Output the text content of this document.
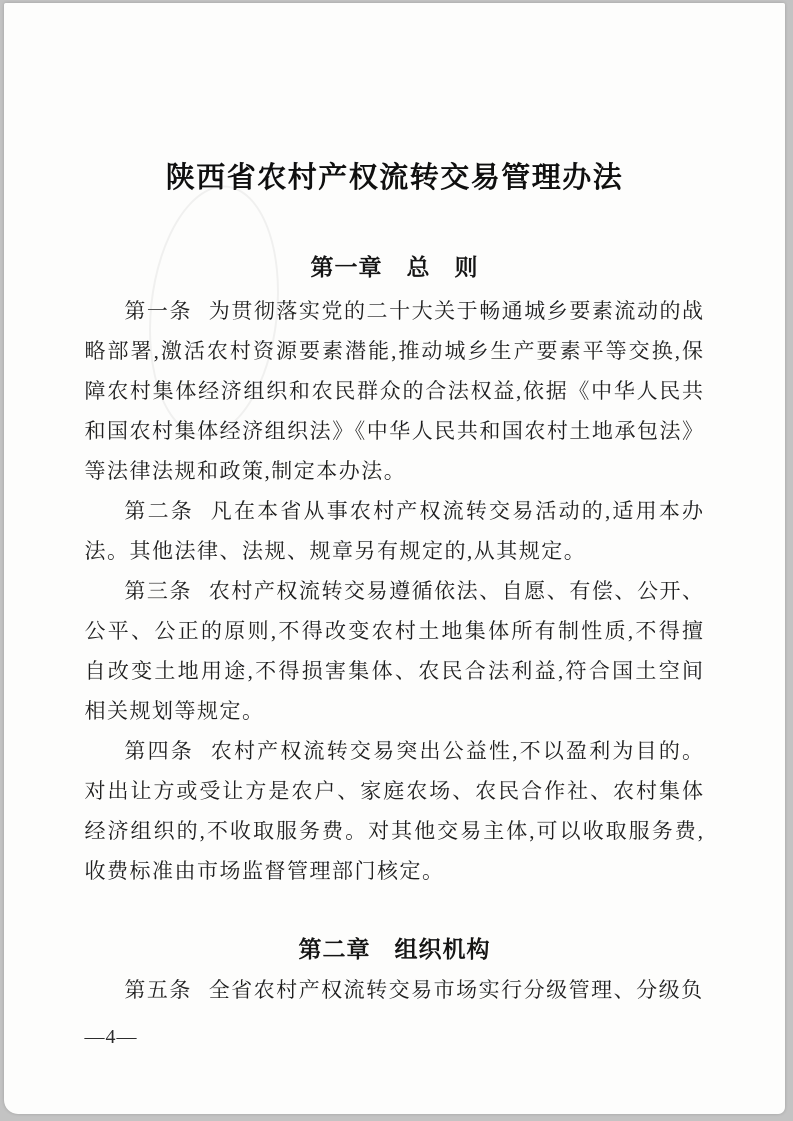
陕西省农村产权流转交易管理办法
第一章　总　则

第一条 为贯彻落实党的二十大关于畅通城乡要素流动的战略部署,激活农村资源要素潜能,推动城乡生产要素平等交换,保障农村集体经济组织和农民群众的合法权益,依据《中华人民共和国农村集体经济组织法》《中华人民共和国农村土地承包法》等法律法规和政策,制定本办法。

第二条 凡在本省从事农村产权流转交易活动的,适用本办法。其他法律、法规、规章另有规定的,从其规定。

第三条 农村产权流转交易遵循依法、自愿、有偿、公开、公平、公正的原则,不得改变农村土地集体所有制性质,不得擅自改变土地用途,不得损害集体、农民合法利益,符合国土空间相关规划等规定。

第四条 农村产权流转交易突出公益性,不以盈利为目的。对出让方或受让方是农户、家庭农场、农民合作社、农村集体经济组织的,不收取服务费。对其他交易主体,可以收取服务费,收费标准由市场监督管理部门核定。

第二章　组织机构

第五条 全省农村产权流转交易市场实行分级管理、分级负

—4—
